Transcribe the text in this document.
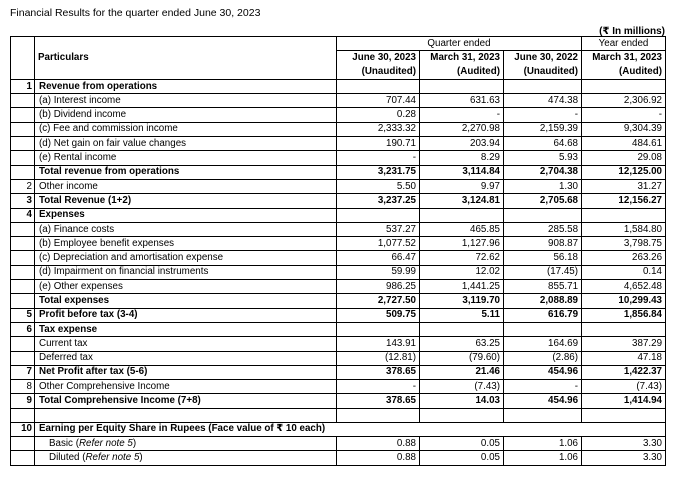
Financial Results for the quarter ended June 30, 2023
(₹ In millions)
		Quarter ended			Year ended
	Particulars	June 30, 2023	March 31, 2023	June 30, 2022	March 31, 2023
		(Unaudited)	(Audited)	(Unaudited)	(Audited)
1	Revenue from operations				
	(a) Interest income	707.44	631.63	474.38	2,306.92
	(b) Dividend income	0.28	-	-	-
	(c) Fee and commission income	2,333.32	2,270.98	2,159.39	9,304.39
	(d) Net gain on fair value changes	190.71	203.94	64.68	484.61
	(e) Rental income	-	8.29	5.93	29.08
	Total revenue from operations	3,231.75	3,114.84	2,704.38	12,125.00
2	Other income	5.50	9.97	1.30	31.27
3	Total Revenue (1+2)	3,237.25	3,124.81	2,705.68	12,156.27
4	Expenses				
	(a) Finance costs	537.27	465.85	285.58	1,584.80
	(b) Employee benefit expenses	1,077.52	1,127.96	908.87	3,798.75
	(c) Depreciation and amortisation expense	66.47	72.62	56.18	263.26
	(d) Impairment on financial instruments	59.99	12.02	(17.45)	0.14
	(e) Other expenses	986.25	1,441.25	855.71	4,652.48
	Total expenses	2,727.50	3,119.70	2,088.89	10,299.43
5	Profit before tax (3-4)	509.75	5.11	616.79	1,856.84
6	Tax expense				
	Current tax	143.91	63.25	164.69	387.29
	Deferred tax	(12.81)	(79.60)	(2.86)	47.18
7	Net Profit after tax (5-6)	378.65	21.46	454.96	1,422.37
8	Other Comprehensive Income	-	(7.43)	-	(7.43)
9	Total Comprehensive Income (7+8)	378.65	14.03	454.96	1,414.94

10	Earning per Equity Share in Rupees (Face value of ₹ 10 each)				
	Basic (Refer note 5)	0.88	0.05	1.06	3.30
	Diluted (Refer note 5)	0.88	0.05	1.06	3.30
